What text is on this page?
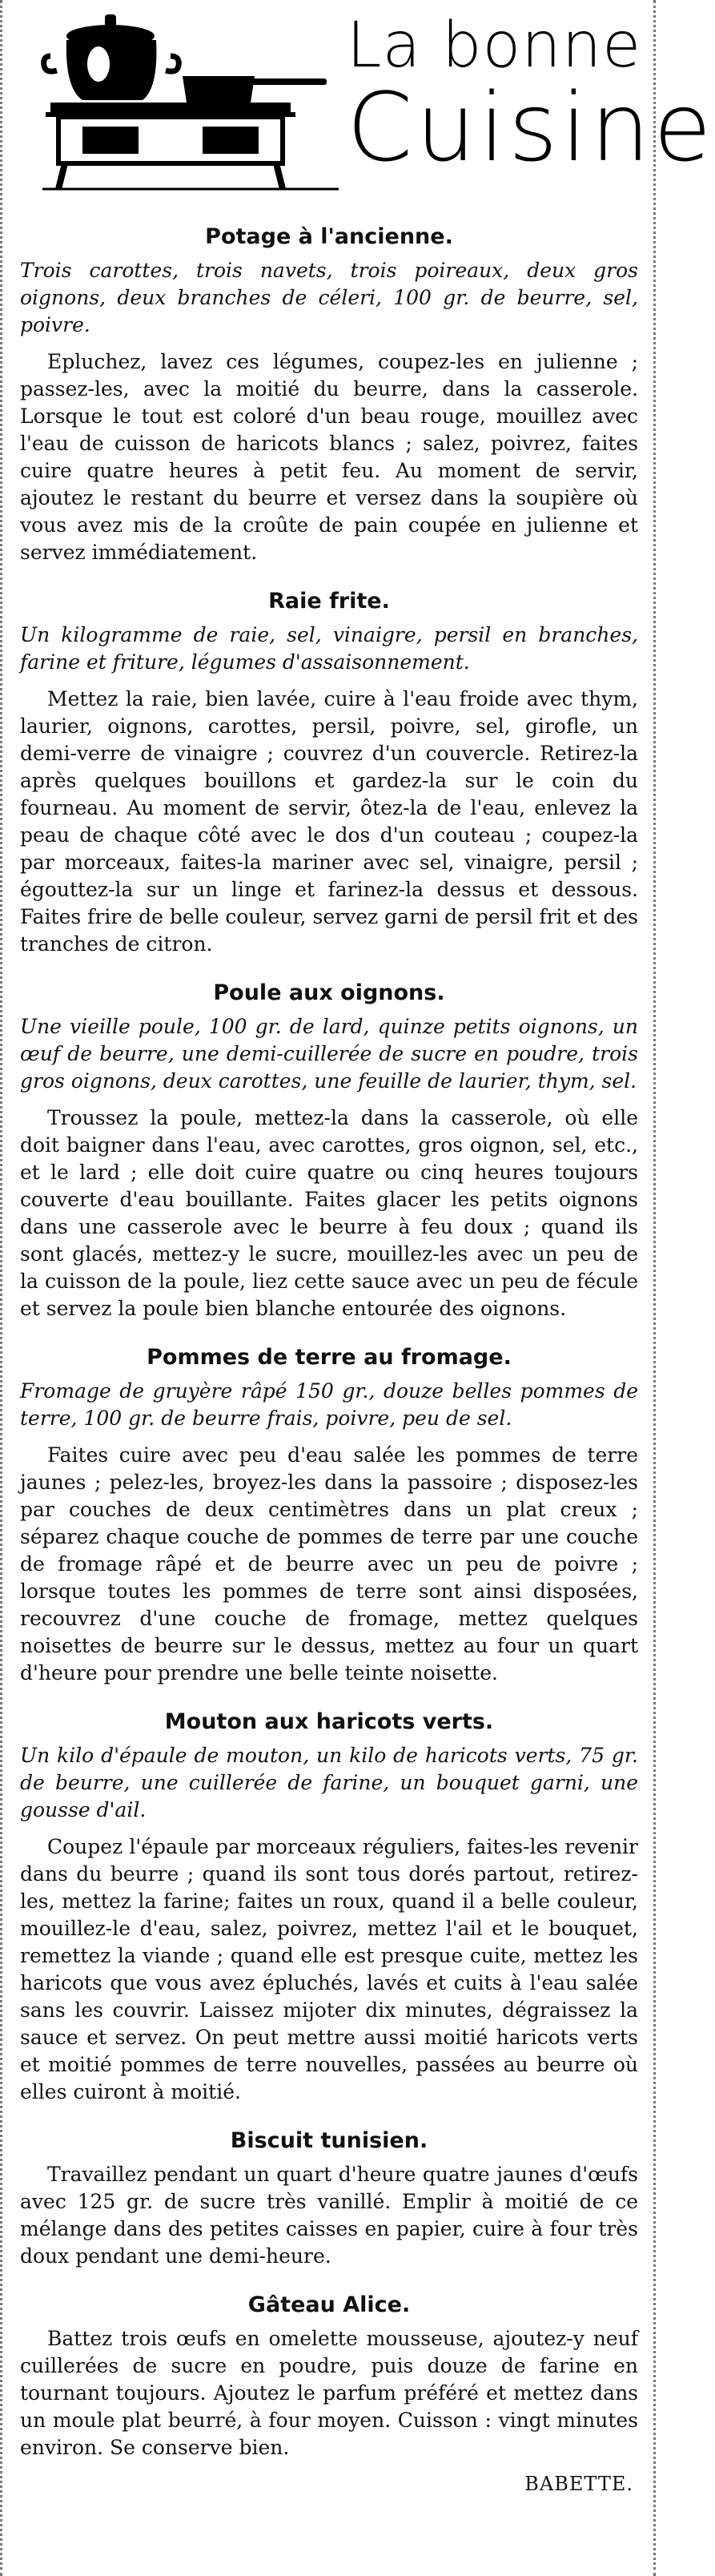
La bonne
Cuisine
Potage à l'ancienne.

Trois carottes, trois navets, trois poireaux, deux gros oignons, deux branches de céleri, 100 gr. de beurre, sel, poivre.

Epluchez, lavez ces légumes, coupez-les en julienne ; passez-les, avec la moitié du beurre, dans la casserole. Lorsque le tout est coloré d'un beau rouge, mouillez avec l'eau de cuisson de haricots blancs ; salez, poivrez, faites cuire quatre heures à petit feu. Au moment de servir, ajoutez le restant du beurre et versez dans la soupière où vous avez mis de la croûte de pain coupée en julienne et servez immédiatement.

Raie frite.

Un kilogramme de raie, sel, vinaigre, persil en branches, farine et friture, légumes d'assaisonnement.

Mettez la raie, bien lavée, cuire à l'eau froide avec thym, laurier, oignons, carottes, persil, poivre, sel, girofle, un demi-verre de vinaigre ; couvrez d'un couvercle. Retirez-la après quelques bouillons et gardez-la sur le coin du fourneau. Au moment de servir, ôtez-la de l'eau, enlevez la peau de chaque côté avec le dos d'un couteau ; coupez-la par morceaux, faites-la mariner avec sel, vinaigre, persil ; égouttez-la sur un linge et farinez-la dessus et dessous. Faites frire de belle couleur, servez garni de persil frit et des tranches de citron.

Poule aux oignons.

Une vieille poule, 100 gr. de lard, quinze petits oignons, un œuf de beurre, une demi-cuillerée de sucre en poudre, trois gros oignons, deux carottes, une feuille de laurier, thym, sel.

Troussez la poule, mettez-la dans la casserole, où elle doit baigner dans l'eau, avec carottes, gros oignon, sel, etc., et le lard ; elle doit cuire quatre ou cinq heures toujours couverte d'eau bouillante. Faites glacer les petits oignons dans une casserole avec le beurre à feu doux ; quand ils sont glacés, mettez-y le sucre, mouillez-les avec un peu de la cuisson de la poule, liez cette sauce avec un peu de fécule et servez la poule bien blanche entourée des oignons.

Pommes de terre au fromage.

Fromage de gruyère râpé 150 gr., douze belles pommes de terre, 100 gr. de beurre frais, poivre, peu de sel.

Faites cuire avec peu d'eau salée les pommes de terre jaunes ; pelez-les, broyez-les dans la passoire ; disposez-les par couches de deux centimètres dans un plat creux ; séparez chaque couche de pommes de terre par une couche de fromage râpé et de beurre avec un peu de poivre ; lorsque toutes les pommes de terre sont ainsi disposées, recouvrez d'une couche de fromage, mettez quelques noisettes de beurre sur le dessus, mettez au four un quart d'heure pour prendre une belle teinte noisette.

Mouton aux haricots verts.

Un kilo d'épaule de mouton, un kilo de haricots verts, 75 gr. de beurre, une cuillerée de farine, un bouquet garni, une gousse d'ail.

Coupez l'épaule par morceaux réguliers, faites-les revenir dans du beurre ; quand ils sont tous dorés partout, retirez-les, mettez la farine; faites un roux, quand il a belle couleur, mouillez-le d'eau, salez, poivrez, mettez l'ail et le bouquet, remettez la viande ; quand elle est presque cuite, mettez les haricots que vous avez épluchés, lavés et cuits à l'eau salée sans les couvrir. Laissez mijoter dix minutes, dégraissez la sauce et servez. On peut mettre aussi moitié haricots verts et moitié pommes de terre nouvelles, passées au beurre où elles cuiront à moitié.

Biscuit tunisien.

Travaillez pendant un quart d'heure quatre jaunes d'œufs avec 125 gr. de sucre très vanillé. Emplir à moitié de ce mélange dans des petites caisses en papier, cuire à four très doux pendant une demi-heure.

Gâteau Alice.

Battez trois œufs en omelette mousseuse, ajoutez-y neuf cuillerées de sucre en poudre, puis douze de farine en tournant toujours. Ajoutez le parfum préféré et mettez dans un moule plat beurré, à four moyen. Cuisson : vingt minutes environ. Se conserve bien.

BABETTE.
